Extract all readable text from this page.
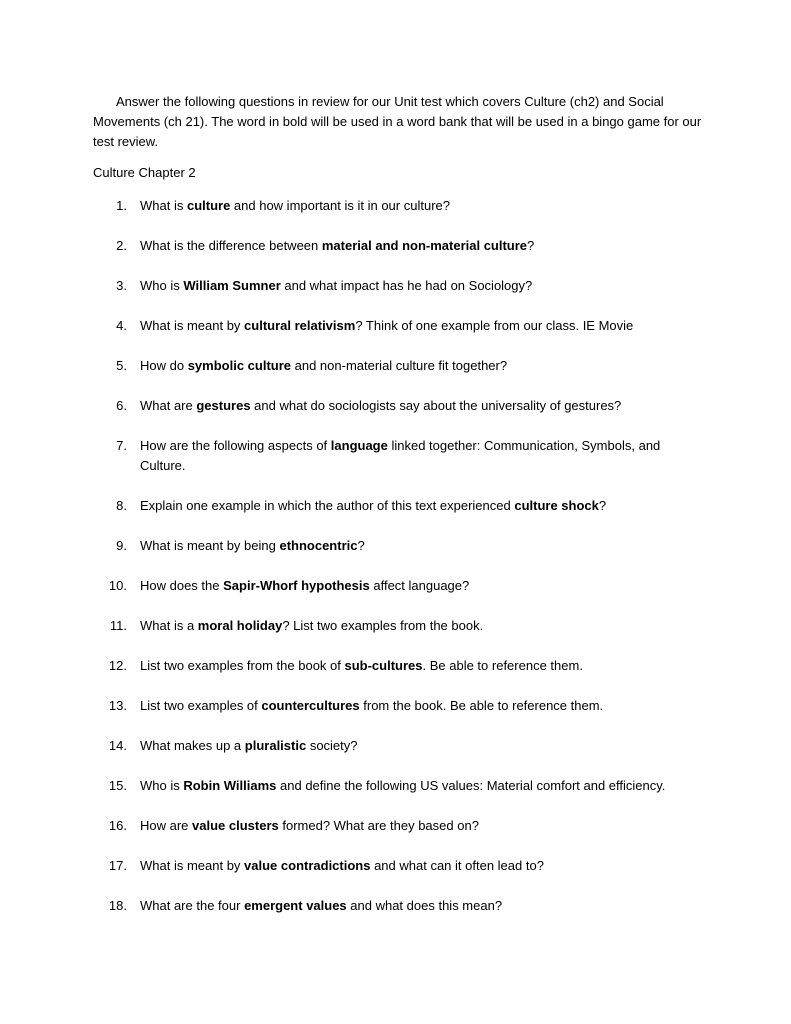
Answer the following questions in review for our Unit test which covers Culture (ch2) and Social Movements (ch 21). The word in bold will be used in a word bank that will be used in a bingo game for our test review.

Culture Chapter 2

1. What is culture and how important is it in our culture?
2. What is the difference between material and non-material culture?
3. Who is William Sumner and what impact has he had on Sociology?
4. What is meant by cultural relativism? Think of one example from our class. IE Movie
5. How do symbolic culture and non-material culture fit together?
6. What are gestures and what do sociologists say about the universality of gestures?
7. How are the following aspects of language linked together: Communication, Symbols, and Culture.
8. Explain one example in which the author of this text experienced culture shock?
9. What is meant by being ethnocentric?
10. How does the Sapir-Whorf hypothesis affect language?
11. What is a moral holiday? List two examples from the book.
12. List two examples from the book of sub-cultures. Be able to reference them.
13. List two examples of countercultures from the book. Be able to reference them.
14. What makes up a pluralistic society?
15. Who is Robin Williams and define the following US values: Material comfort and efficiency.
16. How are value clusters formed? What are they based on?
17. What is meant by value contradictions and what can it often lead to?
18. What are the four emergent values and what does this mean?
